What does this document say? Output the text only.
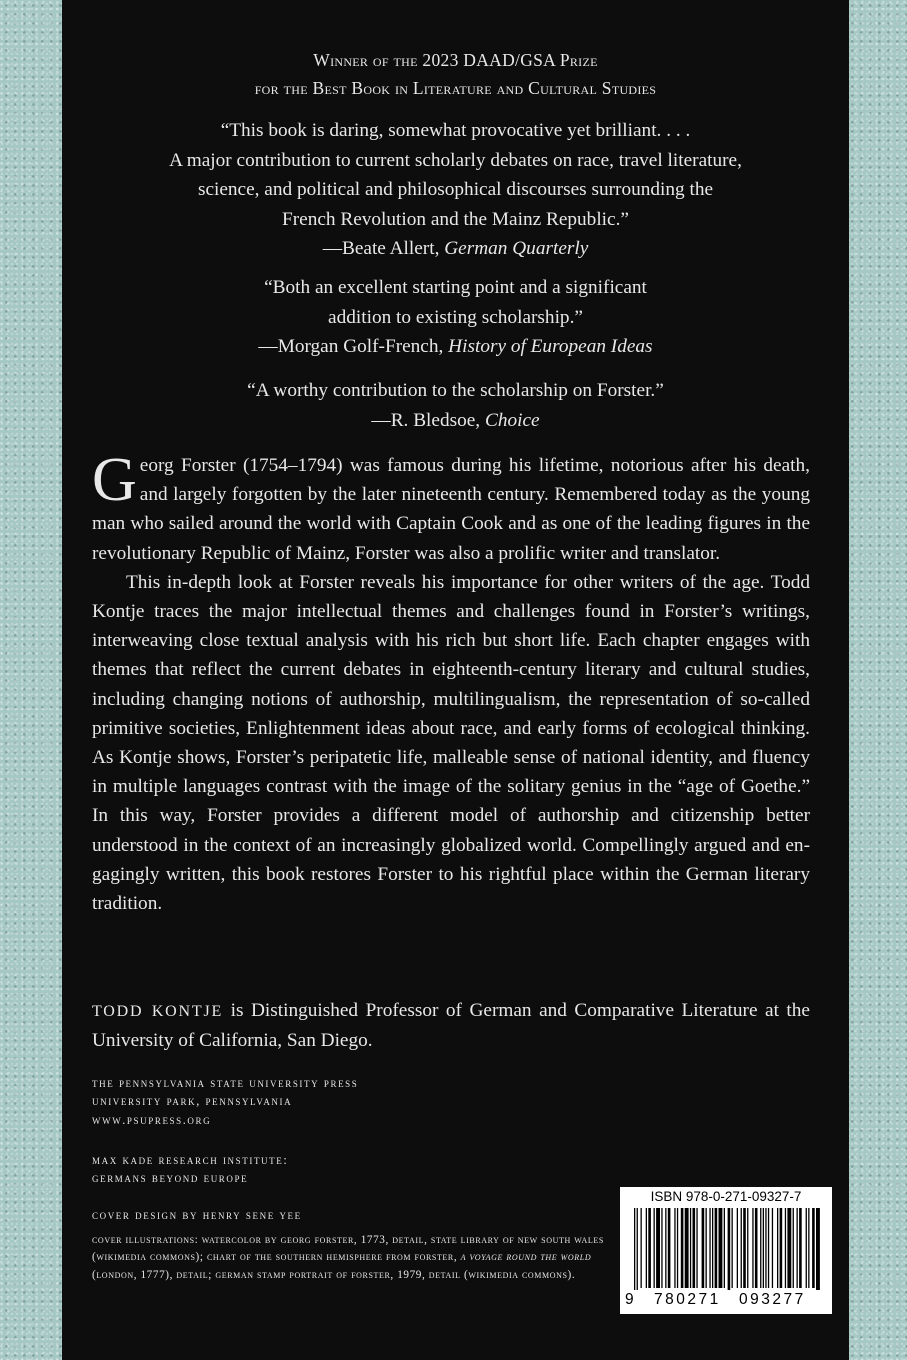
Winner of the 2023 DAAD/GSA Prize
for the Best Book in Literature and Cultural Studies
“This book is daring, somewhat provocative yet brilliant. . . .
A major contribution to current scholarly debates on race, travel literature,
science, and political and philosophical discourses surrounding the
French Revolution and the Mainz Republic.”
—Beate Allert, German Quarterly
“Both an excellent starting point and a significant
addition to existing scholarship.”
—Morgan Golf-French, History of European Ideas
“A worthy contribution to the scholarship on Forster.”
—R. Bledsoe, Choice

Georg Forster (1754–1794) was famous during his lifetime, notorious after his death, and largely forgotten by the later nineteenth century. Remembered today as the young man who sailed around the world with Captain Cook and as one of the leading figures in the revolutionary Republic of Mainz, Forster was also a prolific writer and translator.

This in-depth look at Forster reveals his importance for other writers of the age. Todd Kontje traces the major intellectual themes and challenges found in Forster’s writings, interweaving close textual analysis with his rich but short life. Each chapter engages with themes that reflect the current debates in eighteenth-century literary and cultural studies, including changing notions of authorship, multilingualism, the representation of so-called primitive societies, Enlightenment ideas about race, and early forms of ecological thinking. As Kontje shows, Forster’s peripatetic life, malleable sense of national identity, and fluency in multiple languages contrast with the image of the solitary genius in the “age of Goethe.” In this way, Forster provides a different model of authorship and citizenship better understood in the context of an increasingly globalized world. Compellingly argued and engagingly written, this book restores Forster to his rightful place within the German literary tradition.

TODD KONTJE is Distinguished Professor of German and Comparative Literature at the University of California, San Diego.
the pennsylvania state university press
university park, pennsylvania
www.psupress.org
max kade research institute:
germans beyond europe
cover design by henry sene yee
cover illustrations: watercolor by georg forster, 1773, detail, state library of new south wales (wikimedia commons); chart of the southern hemisphere from forster, a voyage round the world (london, 1777), detail; german stamp portrait of forster, 1979, detail (wikimedia commons).
ISBN 978-0-271-09327-7
9 780271 093277
